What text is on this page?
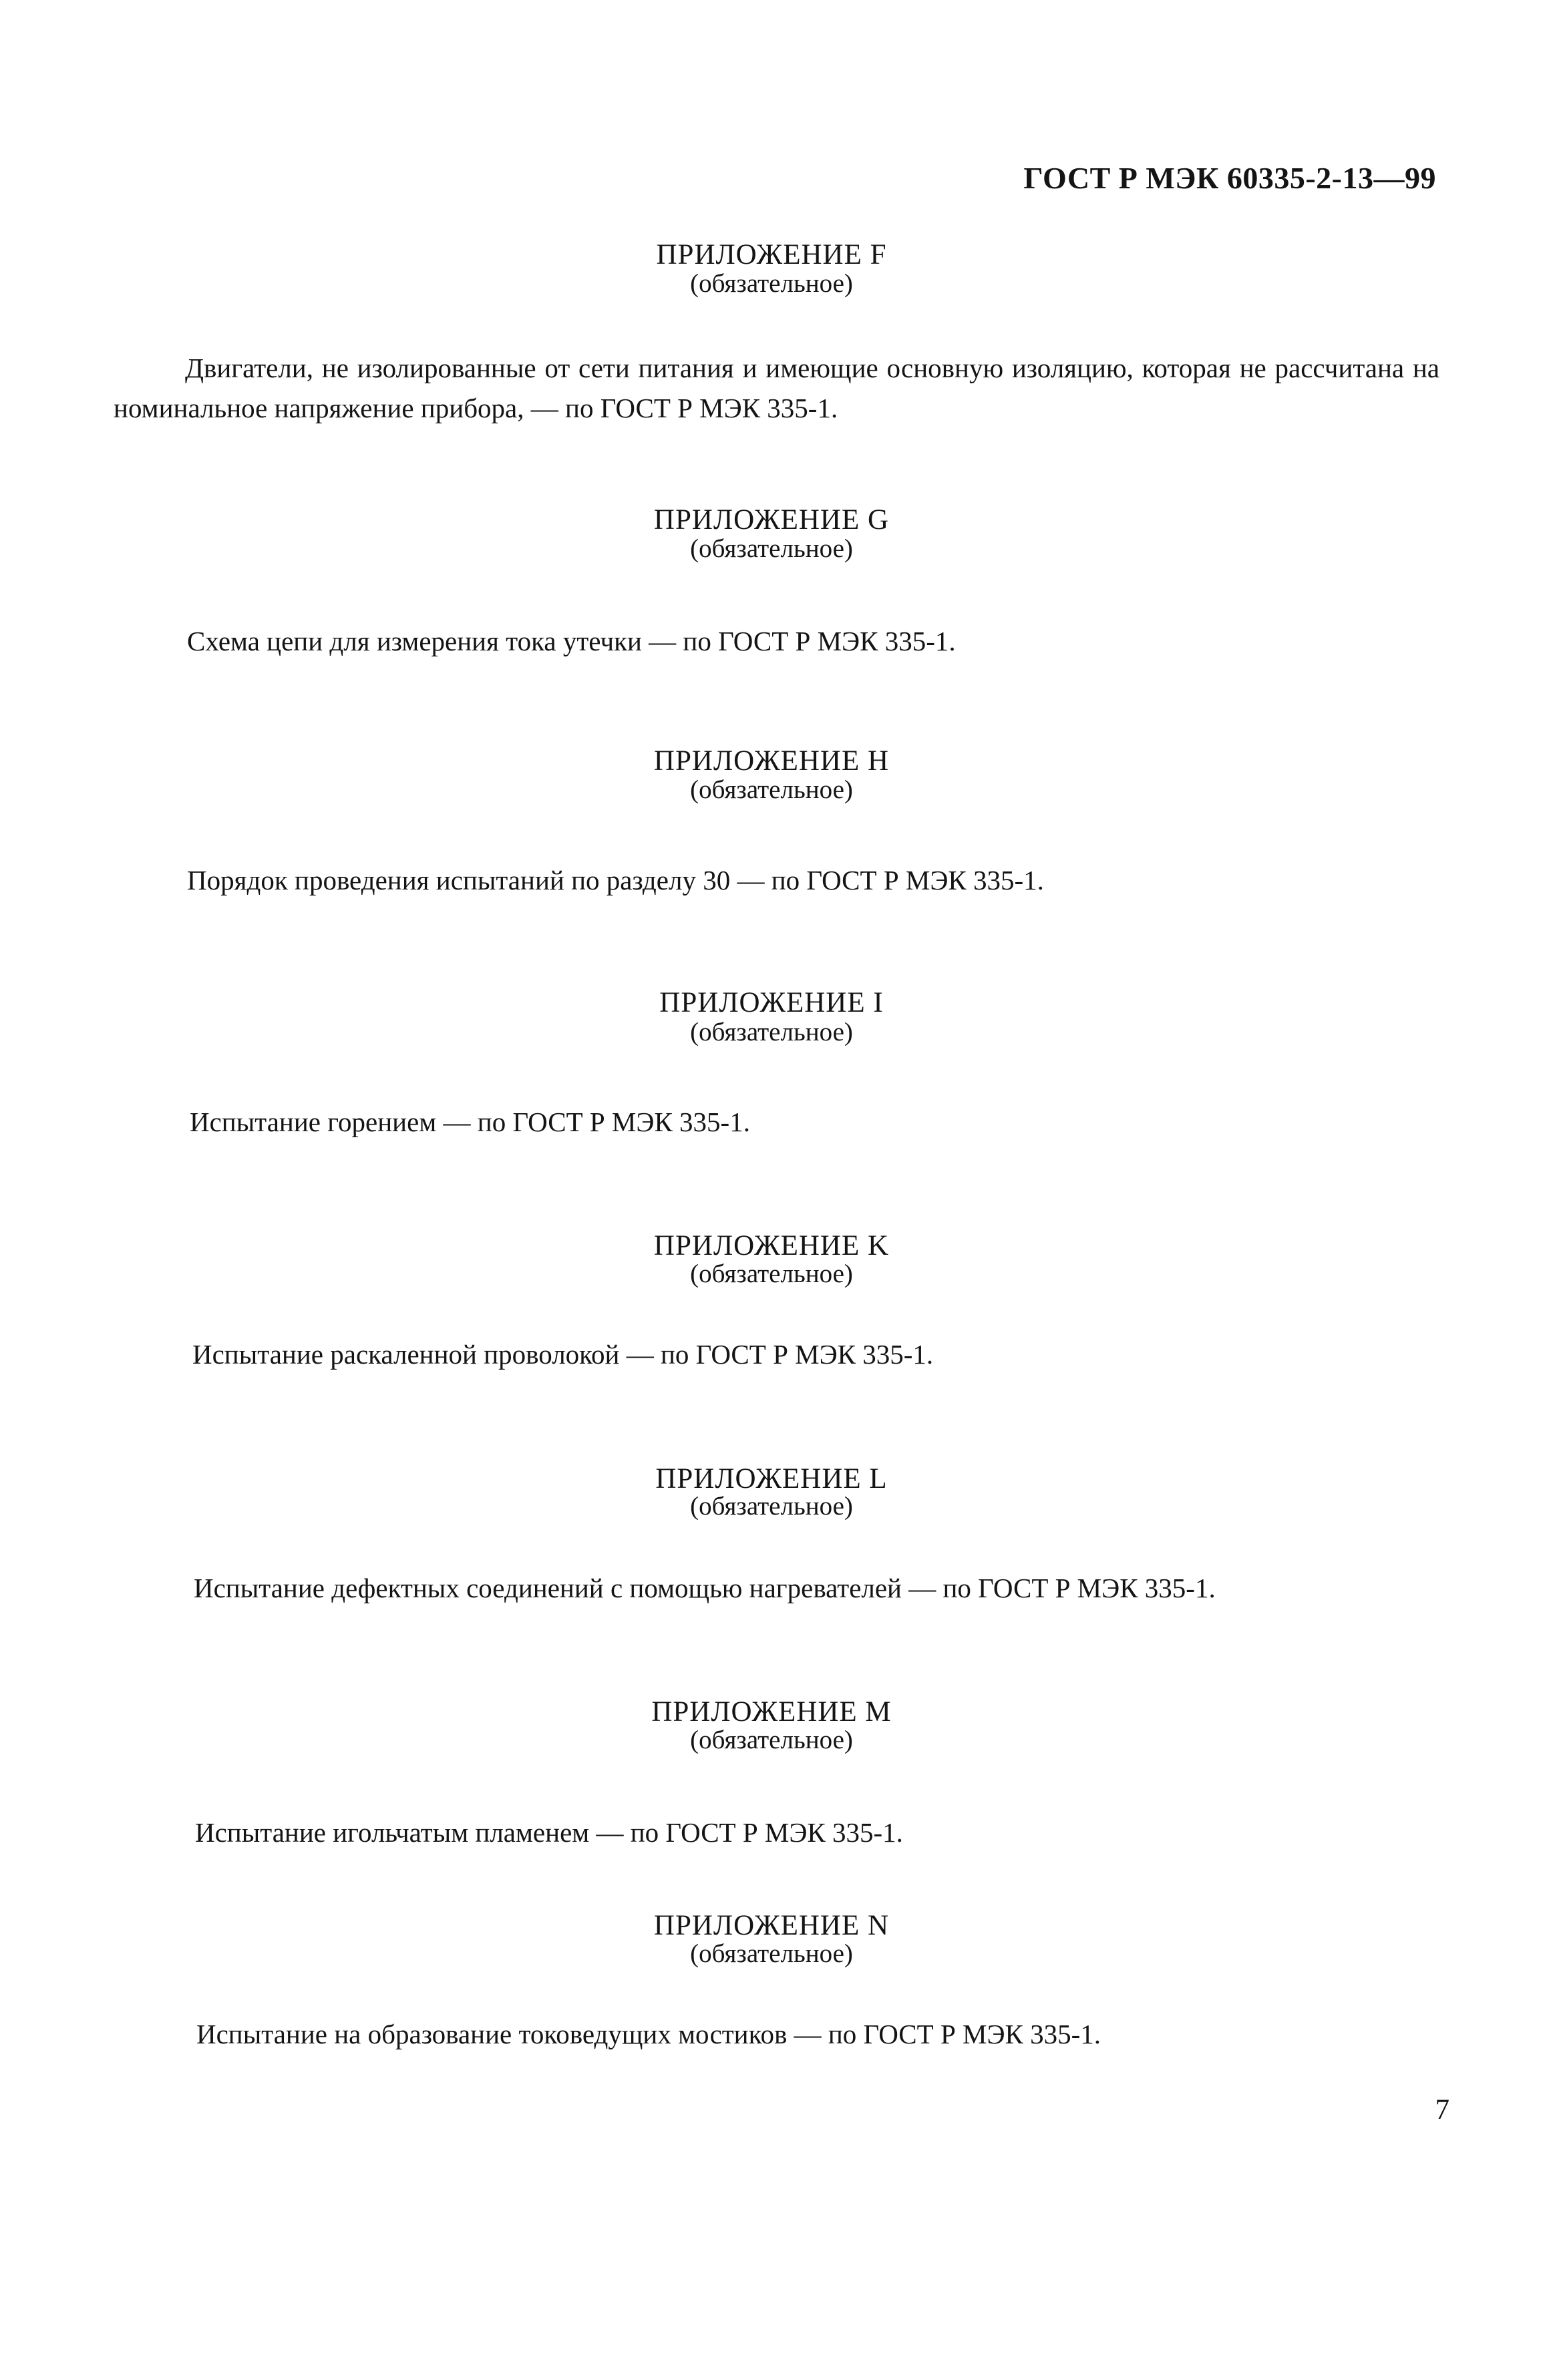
ГОСТ Р МЭК 60335-2-13—99
ПРИЛОЖЕНИЕ F
(обязательное)
Двигатели, не изолированные от сети питания и имеющие основную изоляцию, которая не рассчитана на номинальное напряжение прибора, — по ГОСТ Р МЭК 335-1.
ПРИЛОЖЕНИЕ G
(обязательное)
Схема цепи для измерения тока утечки — по ГОСТ Р МЭК 335-1.
ПРИЛОЖЕНИЕ H
(обязательное)
Порядок проведения испытаний по разделу 30 — по ГОСТ Р МЭК 335-1.
ПРИЛОЖЕНИЕ I
(обязательное)
Испытание горением — по ГОСТ Р МЭК 335-1.
ПРИЛОЖЕНИЕ K
(обязательное)
Испытание раскаленной проволокой — по ГОСТ Р МЭК 335-1.
ПРИЛОЖЕНИЕ L
(обязательное)
Испытание дефектных соединений с помощью нагревателей — по ГОСТ Р МЭК 335-1.
ПРИЛОЖЕНИЕ M
(обязательное)
Испытание игольчатым пламенем — по ГОСТ Р МЭК 335-1.
ПРИЛОЖЕНИЕ N
(обязательное)
Испытание на образование токоведущих мостиков — по ГОСТ Р МЭК 335-1.
7
